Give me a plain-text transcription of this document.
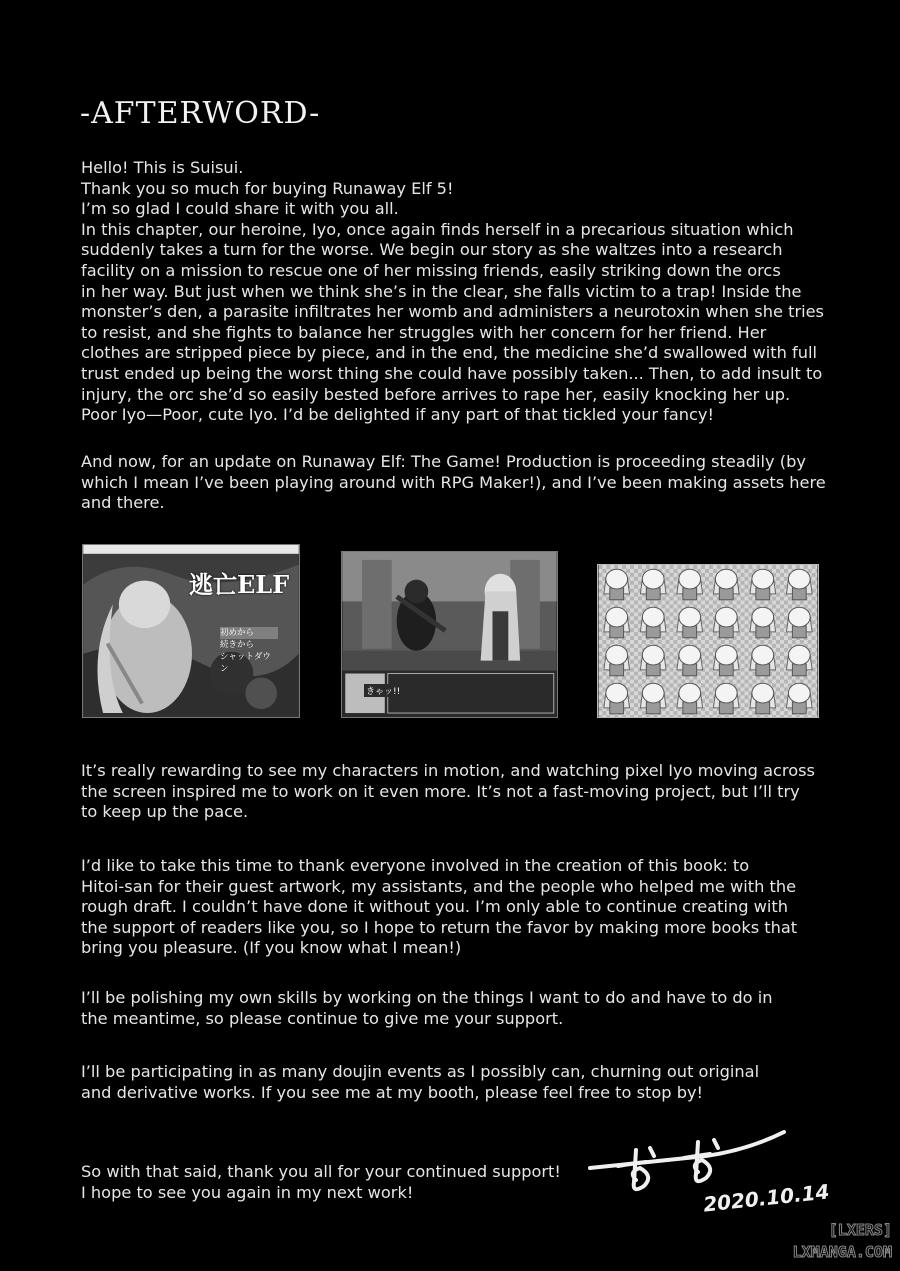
-AFTERWORD-
Hello! This is Suisui.
Thank you so much for buying Runaway Elf 5!
I’m so glad I could share it with you all.
In this chapter, our heroine, Iyo, once again finds herself in a precarious situation which
suddenly takes a turn for the worse. We begin our story as she waltzes into a research
facility on a mission to rescue one of her missing friends, easily striking down the orcs
in her way. But just when we think she’s in the clear, she falls victim to a trap! Inside the
monster’s den, a parasite infiltrates her womb and administers a neurotoxin when she tries
to resist, and she fights to balance her struggles with her concern for her friend. Her
clothes are stripped piece by piece, and in the end, the medicine she’d swallowed with full
trust ended up being the worst thing she could have possibly taken... Then, to add insult to
injury, the orc she’d so easily bested before arrives to rape her, easily knocking her up.
Poor Iyo—Poor, cute Iyo. I’d be delighted if any part of that tickled your fancy!
And now, for an update on Runaway Elf: The Game! Production is proceeding steadily (by
which I mean I’ve been playing around with RPG Maker!), and I’ve been making assets here
and there.
逃亡ELF
初めから
続きから
シャットダウン
きゃッ!!
It’s really rewarding to see my characters in motion, and watching pixel Iyo moving across
the screen inspired me to work on it even more. It’s not a fast-moving project, but I’ll try
to keep up the pace.
I’d like to take this time to thank everyone involved in the creation of this book: to
Hitoi-san for their guest artwork, my assistants, and the people who helped me with the
rough draft. I couldn’t have done it without you. I’m only able to continue creating with
the support of readers like you, so I hope to return the favor by making more books that
bring you pleasure. (If you know what I mean!)
I’ll be polishing my own skills by working on the things I want to do and have to do in
the meantime, so please continue to give me your support.
I’ll be participating in as many doujin events as I possibly can, churning out original
and derivative works. If you see me at my booth, please feel free to stop by!
So with that said, thank you all for your continued support!
I hope to see you again in my next work!	2020.10.14
[LXERS]
LXMANGA.COM
